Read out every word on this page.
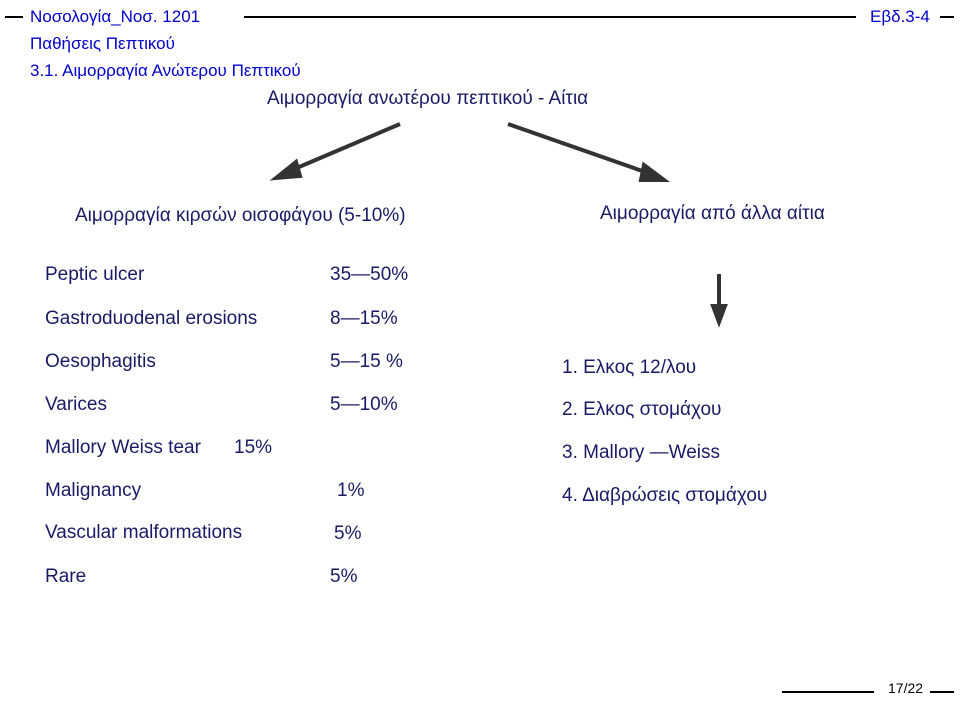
Νοσολογία_Νοσ. 1201
Παθήσεις Πεπτικού
3.1. Αιμορραγία Ανώτερου Πεπτικού
Εβδ.3-4
Αιμορραγία ανωτέρου πεπτικού - Αίτια
Αιμορραγία κιρσών οισοφάγου (5-10%)	Αιμορραγία από άλλα αίτια
Peptic ulcer	35—50%
Gastroduodenal erosions	8—15%
Oesophagitis	5—15 %
Varices	5—10%
Mallory Weiss tear 15%
Malignancy	1%
Vascular malformations	5%
Rare	5%
1. Ελκος 12/λου
2. Ελκος στομάχου
3. Mallory —Weiss
4. Διαβρώσεις στομάχου
17/22
